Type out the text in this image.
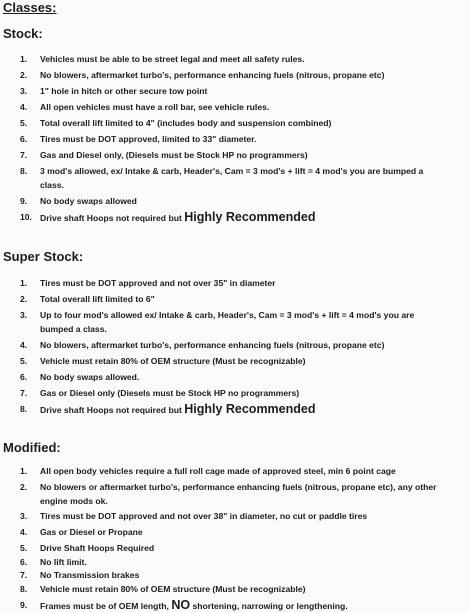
Classes:
Stock:
1.	Vehicles must be able to be street legal and meet all safety rules.
2.	No blowers, aftermarket turbo's, performance enhancing fuels (nitrous, propane etc)
3.	1" hole in hitch or other secure tow point
4.	All open vehicles must have a roll bar, see vehicle rules.
5.	Total overall lift limited to 4" (includes body and suspension combined)
6.	Tires must be DOT approved, limited to 33" diameter.
7.	Gas and Diesel only, (Diesels must be Stock HP no programmers)
8.	3 mod's allowed, ex/ Intake & carb, Header's, Cam = 3 mod's + lift = 4 mod's you are bumped a
class.
9.	No body swaps allowed
10. Drive shaft Hoops not required but Highly Recommended
Super Stock:
1.	Tires must be DOT approved and not over 35" in diameter
2.	Total overall lift limited to 6"
3.	Up to four mod's allowed ex/ Intake & carb, Header's, Cam = 3 mod's + lift = 4 mod's you are
bumped a class.
4.	No blowers, aftermarket turbo's, performance enhancing fuels (nitrous, propane etc)
5.	Vehicle must retain 80% of OEM structure (Must be recognizable)
6.	No body swaps allowed.
7.	Gas or Diesel only (Diesels must be Stock HP no programmers)
8.	Drive shaft Hoops not required but Highly Recommended
Modified:
1.	All open body vehicles require a full roll cage made of approved steel, min 6 point cage
2.	No blowers or aftermarket turbo's, performance enhancing fuels (nitrous, propane etc), any other
engine mods ok.
3.	Tires must be DOT approved and not over 38" in diameter, no cut or paddle tires
4.	Gas or Diesel or Propane
5.	Drive Shaft Hoops Required
6.	No lift limit.
7.	No Transmission brakes
8.	Vehicle must retain 80% of OEM structure (Must be recognizable)
9.	Frames must be of OEM length, NO shortening, narrowing or lengthening.
